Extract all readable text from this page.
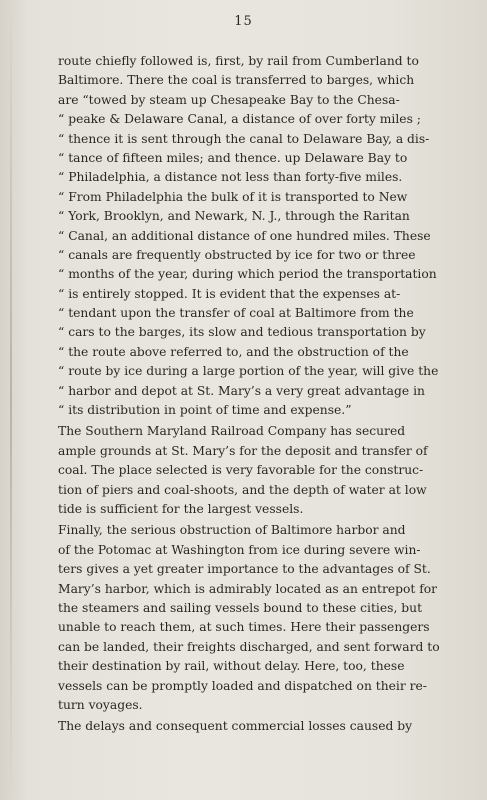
15
route chiefly followed is, first, by rail from Cumberland to
Baltimore. There the coal is transferred to barges, which
are “towed by steam up Chesapeake Bay to the Chesa-
“ peake & Delaware Canal, a distance of over forty miles ;
“ thence it is sent through the canal to Delaware Bay, a dis-
“ tance of fifteen miles; and thence. up Delaware Bay to
“ Philadelphia, a distance not less than forty-five miles.
“ From Philadelphia the bulk of it is transported to New
“ York, Brooklyn, and Newark, N. J., through the Raritan
“ Canal, an additional distance of one hundred miles. These
“ canals are frequently obstructed by ice for two or three
“ months of the year, during which period the transportation
“ is entirely stopped. It is evident that the expenses at-
“ tendant upon the transfer of coal at Baltimore from the
“ cars to the barges, its slow and tedious transportation by
“ the route above referred to, and the obstruction of the
“ route by ice during a large portion of the year, will give the
“ harbor and depot at St. Mary’s a very great advantage in
“ its distribution in point of time and expense.”
The Southern Maryland Railroad Company has secured
ample grounds at St. Mary’s for the deposit and transfer of
coal. The place selected is very favorable for the construc-
tion of piers and coal-shoots, and the depth of water at low
tide is sufficient for the largest vessels.
Finally, the serious obstruction of Baltimore harbor and
of the Potomac at Washington from ice during severe win-
ters gives a yet greater importance to the advantages of St.
Mary’s harbor, which is admirably located as an entrepot for
the steamers and sailing vessels bound to these cities, but
unable to reach them, at such times. Here their passengers
can be landed, their freights discharged, and sent forward to
their destination by rail, without delay. Here, too, these
vessels can be promptly loaded and dispatched on their re-
turn voyages.
The delays and consequent commercial losses caused by
